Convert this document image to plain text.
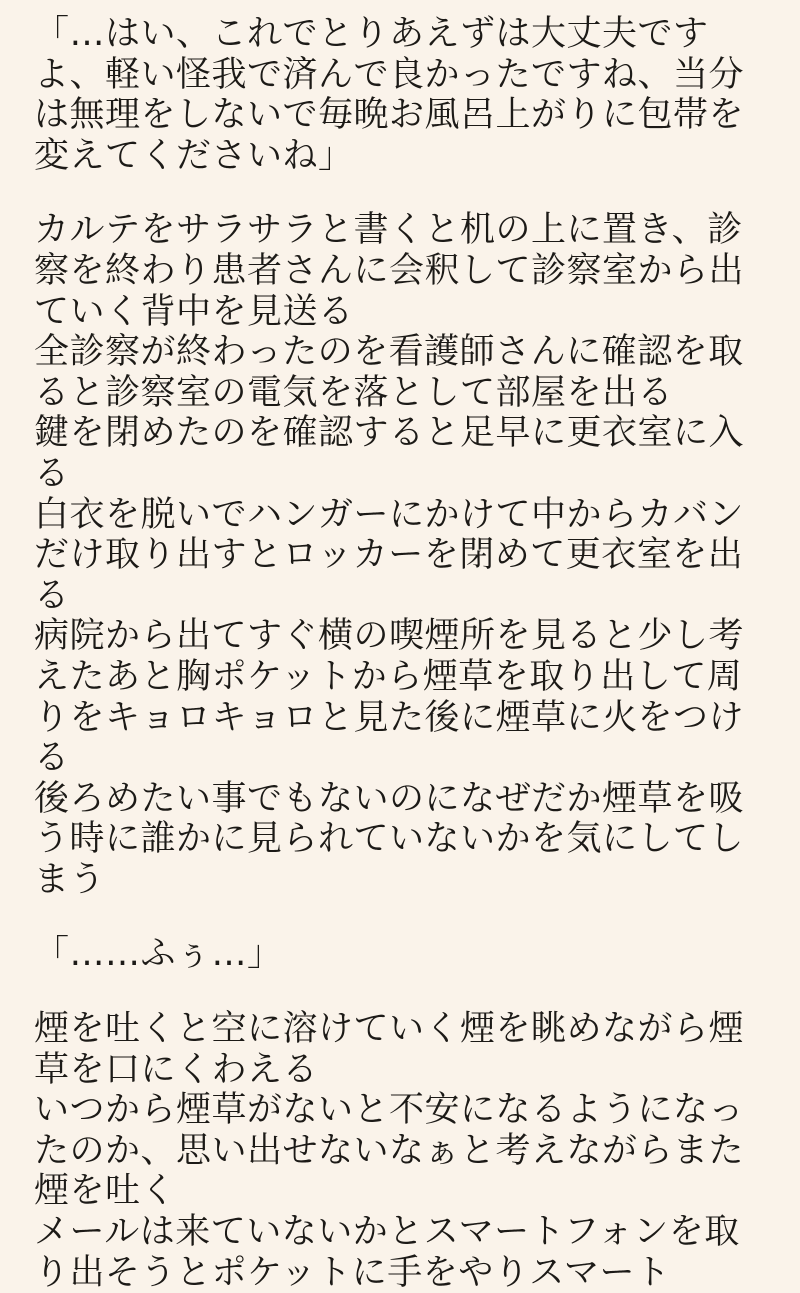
「…はい、これでとりあえずは大丈夫ですよ、軽い怪我で済んで良かったですね、当分は無理をしないで毎晩お風呂上がりに包帯を変えてくださいね」
カルテをサラサラと書くと机の上に置き、診察を終わり患者さんに会釈して診察室から出ていく背中を見送る
全診察が終わったのを看護師さんに確認を取ると診察室の電気を落として部屋を出る
鍵を閉めたのを確認すると足早に更衣室に入る
白衣を脱いでハンガーにかけて中からカバンだけ取り出すとロッカーを閉めて更衣室を出る
病院から出てすぐ横の喫煙所を見ると少し考えたあと胸ポケットから煙草を取り出して周りをキョロキョロと見た後に煙草に火をつける
後ろめたい事でもないのになぜだか煙草を吸う時に誰かに見られていないかを気にしてしまう
「……ふぅ…」
煙を吐くと空に溶けていく煙を眺めながら煙草を口にくわえる
いつから煙草がないと不安になるようになったのか、思い出せないなぁと考えながらまた煙を吐く
メールは来ていないかとスマートフォンを取り出そうとポケットに手をやりスマート
